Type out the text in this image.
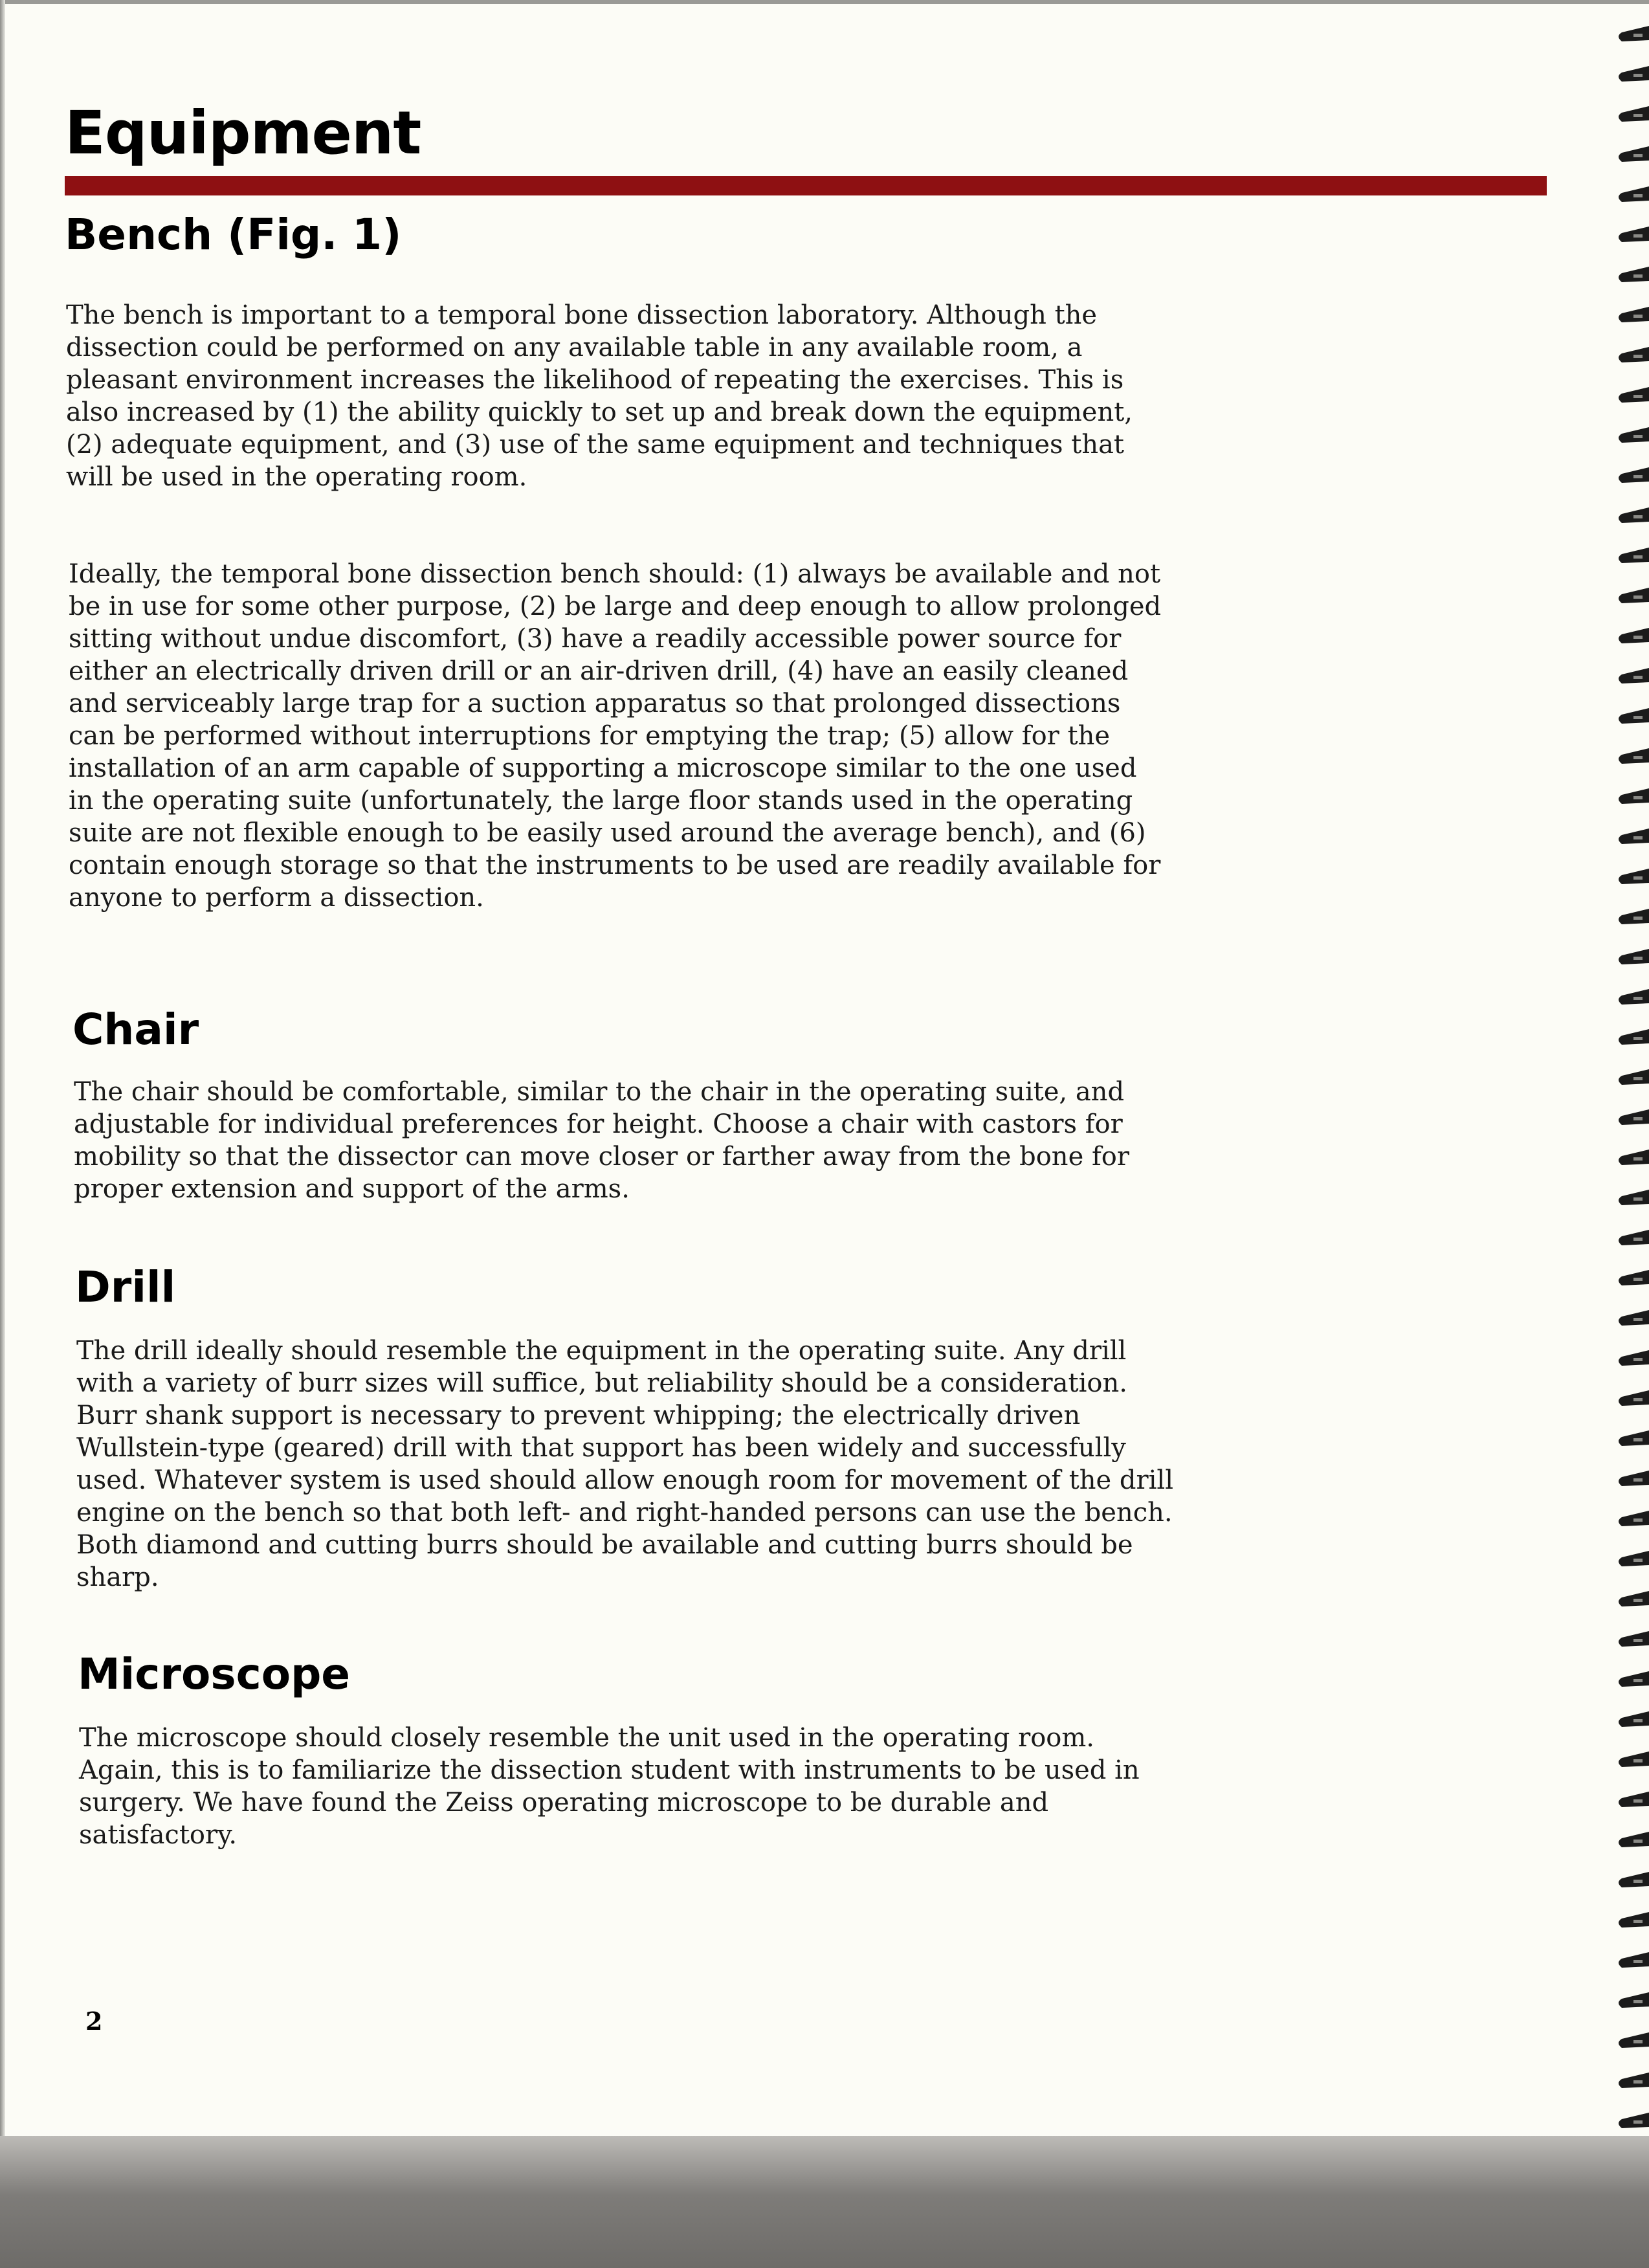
Equipment
Bench (Fig. 1)
The bench is important to a temporal bone dissection laboratory. Although the dissection could be performed on any available table in any available room, a pleasant environment increases the likelihood of repeating the exercises. This is also increased by (1) the ability quickly to set up and break down the equipment, (2) adequate equipment, and (3) use of the same equipment and techniques that will be used in the operating room.
Ideally, the temporal bone dissection bench should: (1) always be available and not be in use for some other purpose, (2) be large and deep enough to allow prolonged sitting without undue discomfort, (3) have a readily accessible power source for either an electrically driven drill or an air-driven drill, (4) have an easily cleaned and serviceably large trap for a suction apparatus so that prolonged dissections can be performed without interruptions for emptying the trap; (5) allow for the installation of an arm capable of supporting a microscope similar to the one used in the operating suite (unfortunately, the large floor stands used in the operating suite are not flexible enough to be easily used around the average bench), and (6) contain enough storage so that the instruments to be used are readily available for anyone to perform a dissection.
Chair
The chair should be comfortable, similar to the chair in the operating suite, and adjustable for individual preferences for height. Choose a chair with castors for mobility so that the dissector can move closer or farther away from the bone for proper extension and support of the arms.
Drill
The drill ideally should resemble the equipment in the operating suite. Any drill with a variety of burr sizes will suffice, but reliability should be a consideration. Burr shank support is necessary to prevent whipping; the electrically driven Wullstein-type (geared) drill with that support has been widely and successfully used. Whatever system is used should allow enough room for movement of the drill engine on the bench so that both left- and right-handed persons can use the bench. Both diamond and cutting burrs should be available and cutting burrs should be sharp.
Microscope
The microscope should closely resemble the unit used in the operating room. Again, this is to familiarize the dissection student with instruments to be used in surgery. We have found the Zeiss operating microscope to be durable and satisfactory.
2
